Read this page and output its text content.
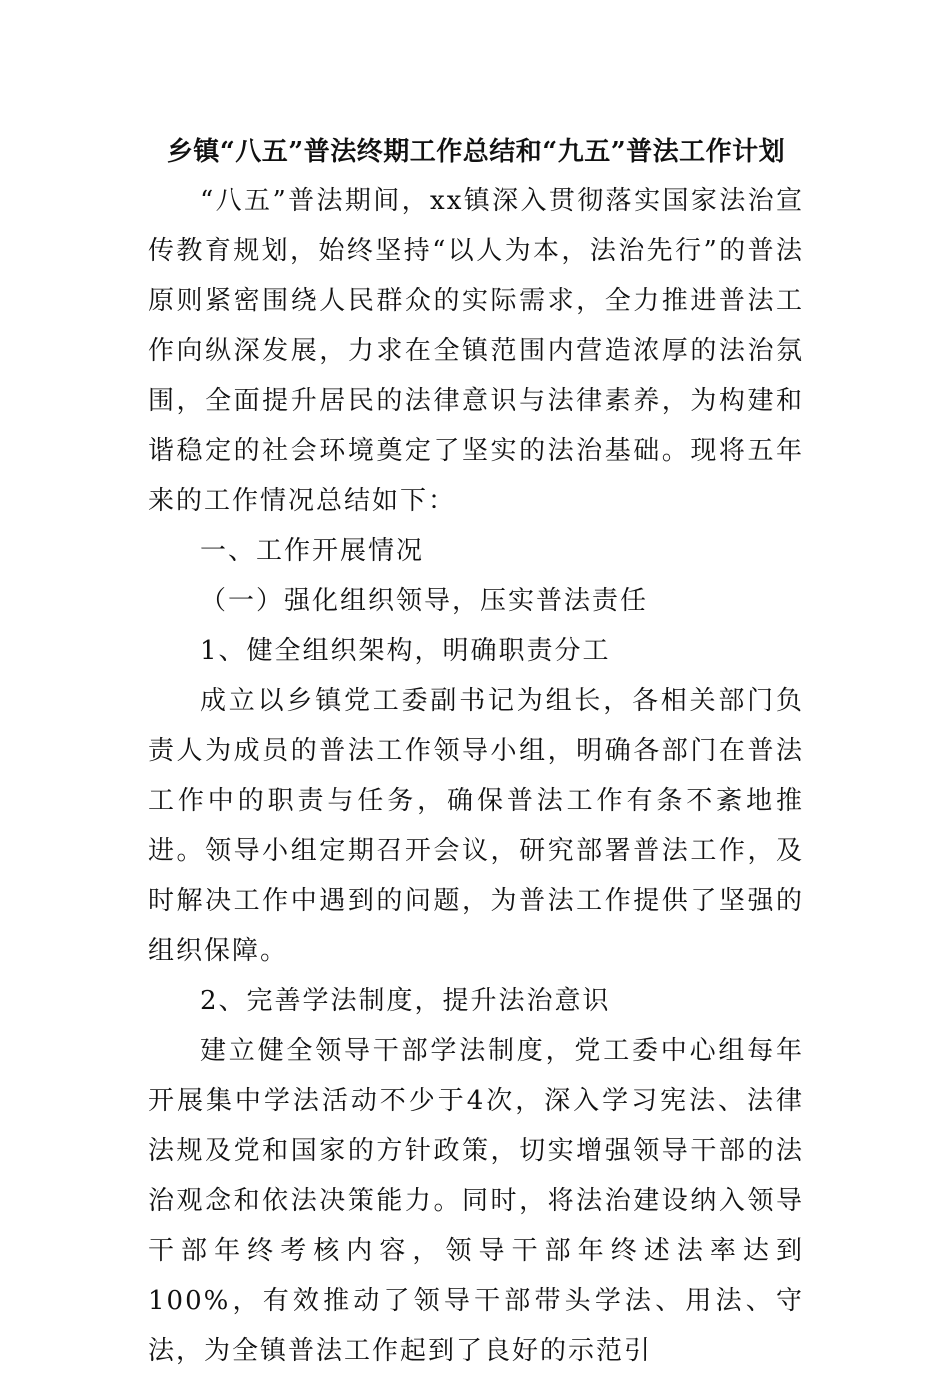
乡镇“八五”普法终期工作总结和“九五”普法工作计划

“八五”普法期间，xx镇深入贯彻落实国家法治宣传教育规划，始终坚持“以人为本，法治先行”的普法原则紧密围绕人民群众的实际需求，全力推进普法工作向纵深发展，力求在全镇范围内营造浓厚的法治氛围，全面提升居民的法律意识与法律素养，为构建和谐稳定的社会环境奠定了坚实的法治基础。现将五年来的工作情况总结如下：

一、工作开展情况

（一）强化组织领导，压实普法责任

1、健全组织架构，明确职责分工

成立以乡镇党工委副书记为组长，各相关部门负责人为成员的普法工作领导小组，明确各部门在普法工作中的职责与任务，确保普法工作有条不紊地推进。领导小组定期召开会议，研究部署普法工作，及时解决工作中遇到的问题，为普法工作提供了坚强的组织保障。

2、完善学法制度，提升法治意识

建立健全领导干部学法制度，党工委中心组每年开展集中学法活动不少于4次，深入学习宪法、法律法规及党和国家的方针政策，切实增强领导干部的法治观念和依法决策能力。同时，将法治建设纳入领导干部年终考核内容，领导干部年终述法率达到100%，有效推动了领导干部带头学法、用法、守法，为全镇普法工作起到了良好的示范引
